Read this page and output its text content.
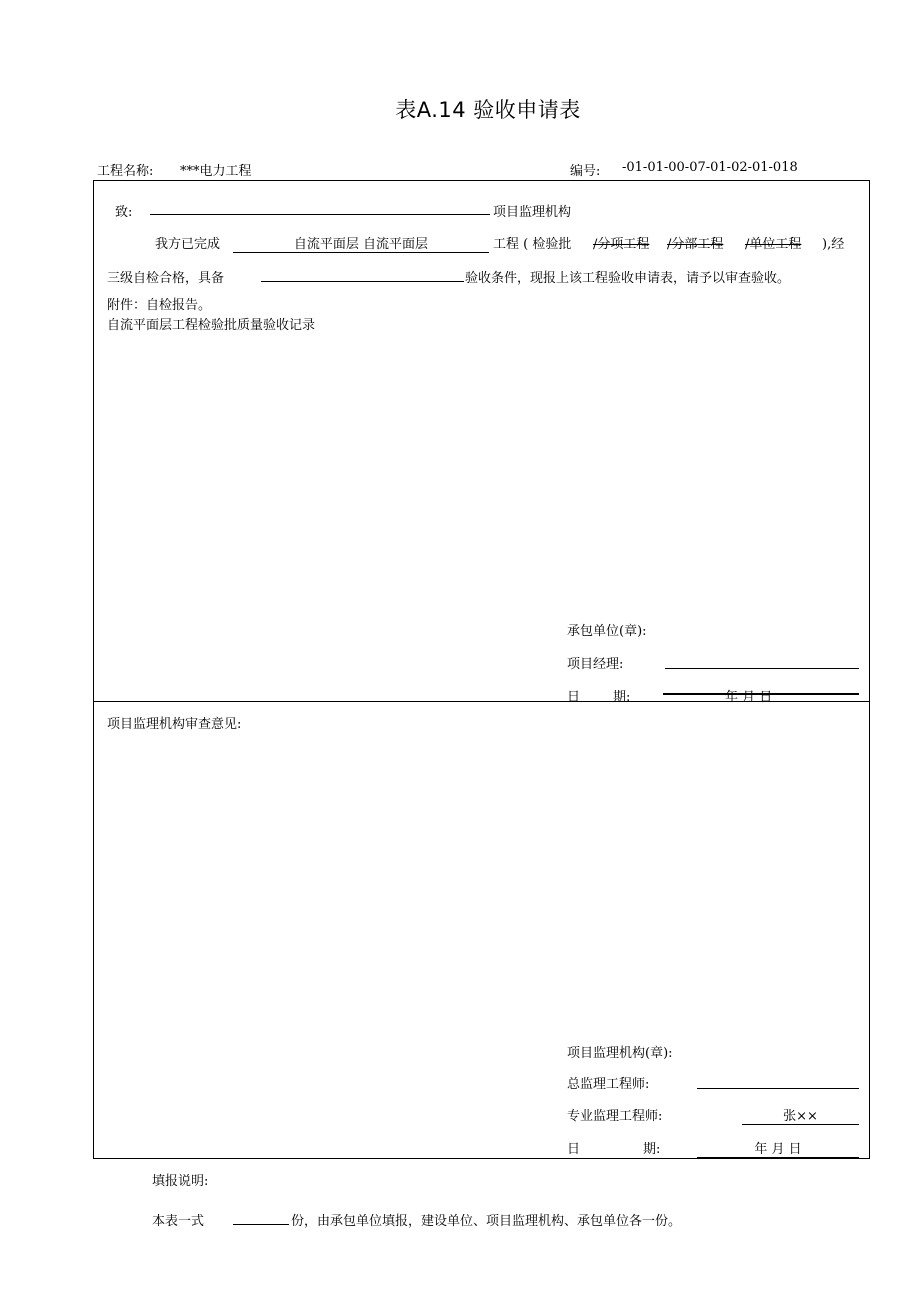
表A.14 验收申请表
工程名称: ***电力工程	编号: -01-01-00-07-01-02-01-018
致:	项目监理机构
我方已完成	自流平面层 自流平面层	工程 ( 检验批 /分项工程 /分部工程 /单位工程 ),经
三级自检合格，具备	验收条件，现报上该工程验收申请表，请予以审查验收。
附件：自检报告。
自流平面层工程检验批质量验收记录
承包单位(章):
项目经理:
日	期:	年 月 日
项目监理机构审查意见:
项目监理机构(章):
总监理工程师:
专业监理工程师:	张××
日	期:	年 月 日
填报说明:
本表一式	份，由承包单位填报，建设单位、项目监理机构、承包单位各一份。
